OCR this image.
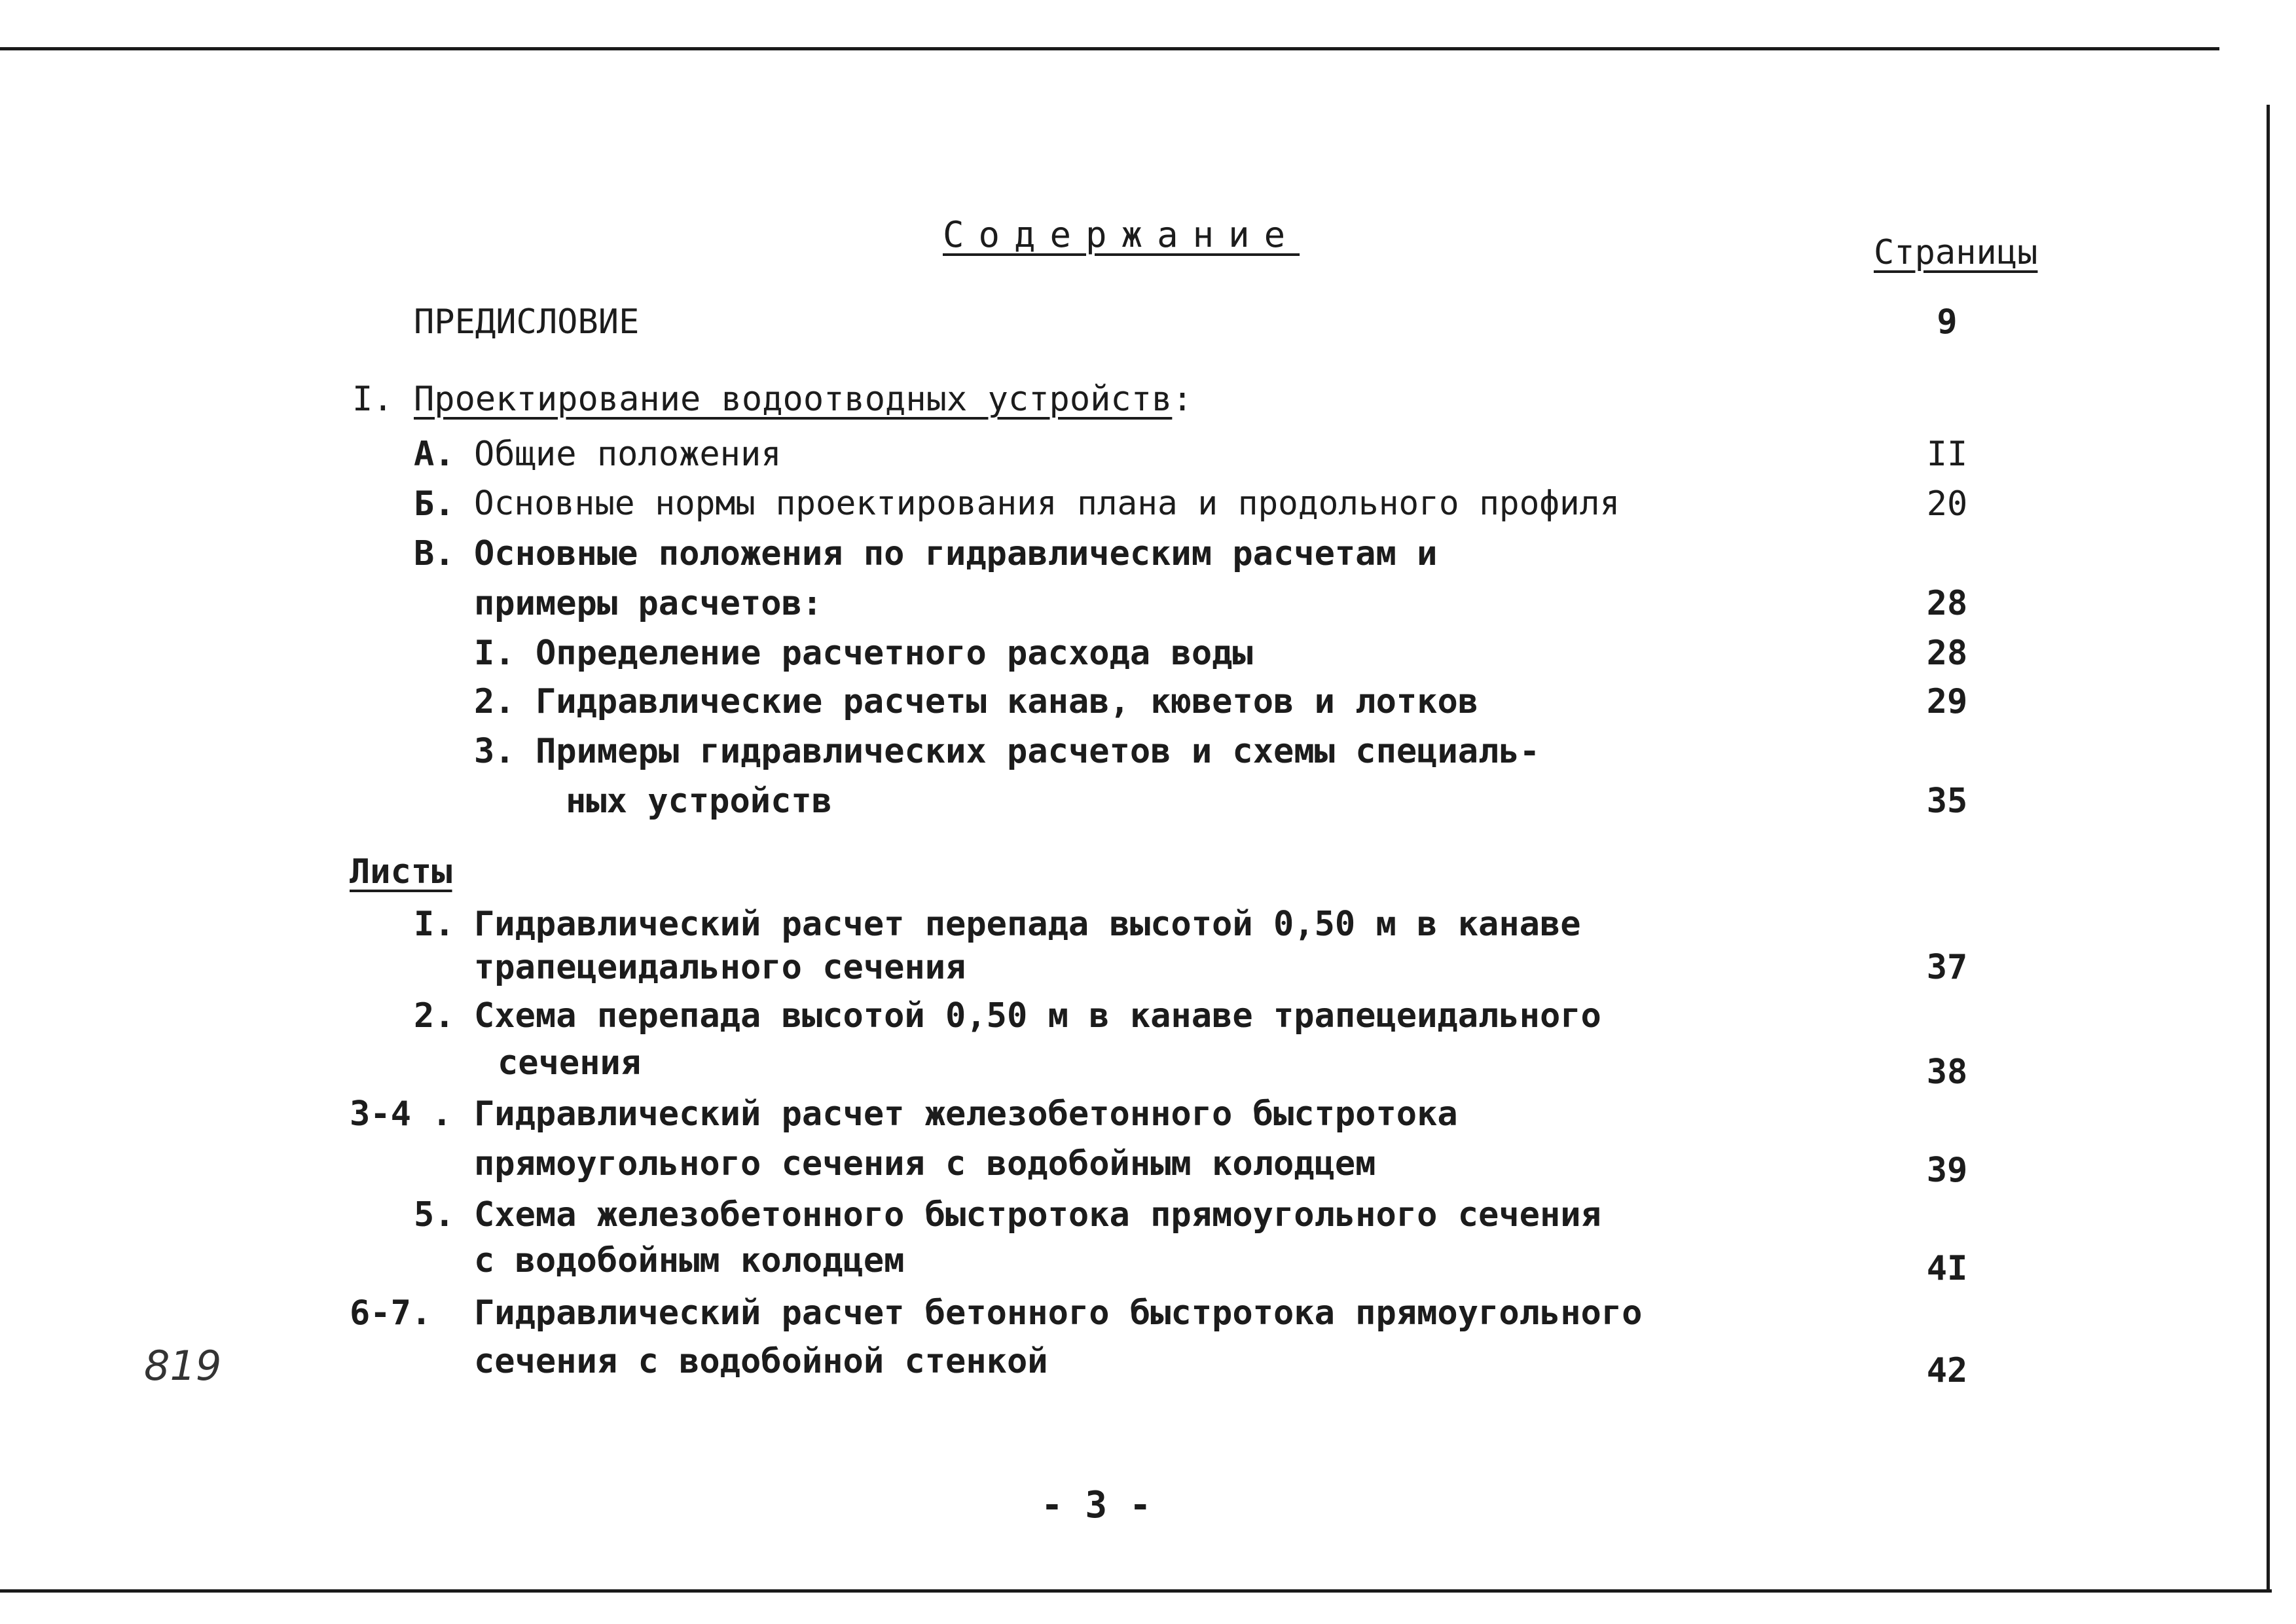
Содержание	Страницы
ПРЕДИСЛОВИЕ	9
I. Проектирование водоотводных устройств:
А. Общие положения	II
Б. Основные нормы проектирования плана и продольного профиля	20
В. Основные положения по гидравлическим расчетам и
примеры расчетов:	28
I. Определение расчетного расхода воды	28
2. Гидравлические расчеты канав, кюветов и лотков	29
3. Примеры гидравлических расчетов и схемы специаль-
ных устройств	35
Листы
I. Гидравлический расчет перепада высотой 0,50 м в канаве
трапецеидального сечения	37
2. Схема перепада высотой 0,50 м в канаве трапецеидального
сечения	38
3-4 . Гидравлический расчет железобетонного быстротока
прямоугольного сечения с водобойным колодцем	39
5. Схема железобетонного быстротока прямоугольного сечения
с водобойным колодцем	4I
6-7. Гидравлический расчет бетонного быстротока прямоугольного
сечения с водобойной стенкой	42
819
- 3 -
